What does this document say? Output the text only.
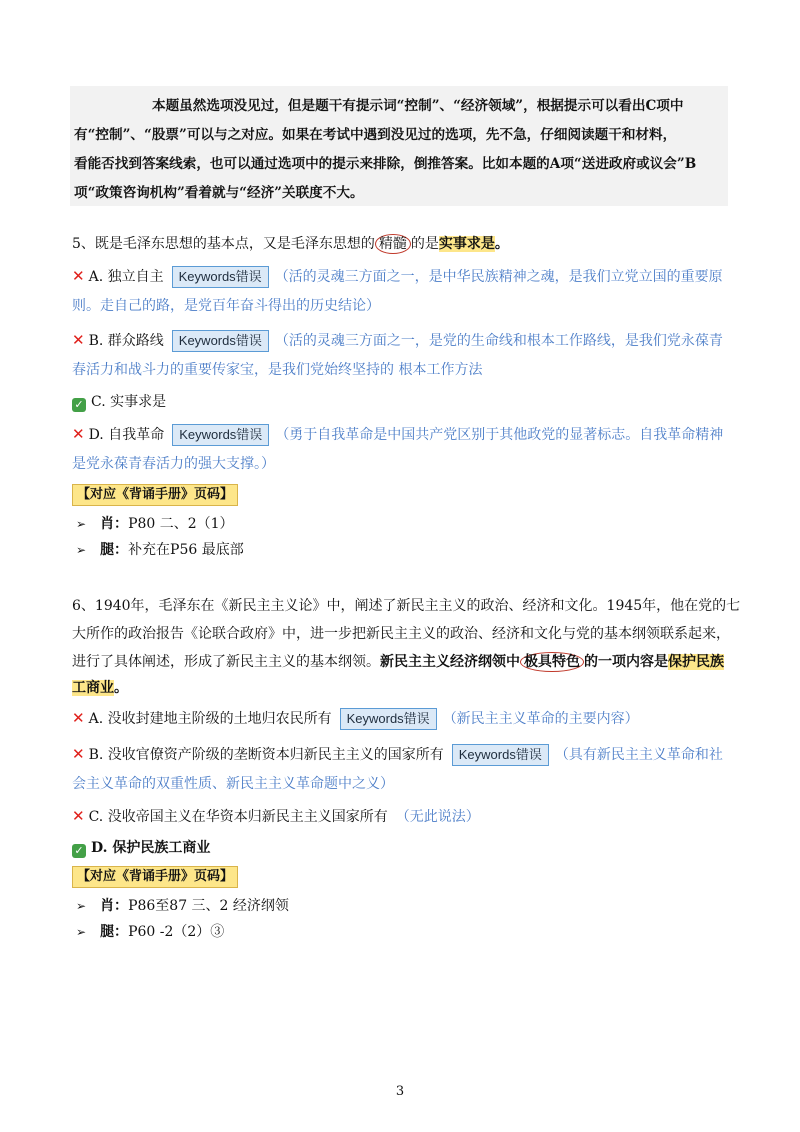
本题虽然选项没见过，但是题干有提示词“控制”、“经济领域”，根据提示可以看出C项中

有“控制”、“股票”可以与之对应。如果在考试中遇到没见过的选项，先不急，仔细阅读题干和材料，
看能否找到答案线索，也可以通过选项中的提示来排除，倒推答案。比如本题的A项“送进政府或议会”B
项“政策咨询机构”看着就与“经济”关联度不大。
5、既是毛泽东思想的基本点，又是毛泽东思想的 精髓 的是实事求是。
✕ A. 独立自主 Keywords错误 （活的灵魂三方面之一，是中华民族精神之魂，是我们立党立国的重要原
则。走自己的路，是党百年奋斗得出的历史结论）
✕ B. 群众路线 Keywords错误 （活的灵魂三方面之一，是党的生命线和根本工作路线，是我们党永葆青
春活力和战斗力的重要传家宝，是我们党始终坚持的 根本工作方法
✓ C. 实事求是
✕ D. 自我革命 Keywords错误 （勇于自我革命是中国共产党区别于其他政党的显著标志。自我革命精神
是党永葆青春活力的强大支撑。）
【对应《背诵手册》页码】
➢ 肖：P80 二、2（1）
➢ 腿：补充在P56 最底部
6、1940年，毛泽东在《新民主主义论》中，阐述了新民主主义的政治、经济和文化。1945年，他在党的七
大所作的政治报告《论联合政府》中，进一步把新民主主义的政治、经济和文化与党的基本纲领联系起来，
进行了具体阐述，形成了新民主主义的基本纲领。新民主主义经济纲领中 极具特色 的一项内容是保护民族
工商业。
✕ A. 没收封建地主阶级的土地归农民所有 Keywords错误 （新民主主义革命的主要内容）
✕ B. 没收官僚资产阶级的垄断资本归新民主主义的国家所有 Keywords错误 （具有新民主主义革命和社
会主义革命的双重性质、新民主主义革命题中之义）
✕ C. 没收帝国主义在华资本归新民主主义国家所有 （无此说法）
✓ D. 保护民族工商业
【对应《背诵手册》页码】
➢ 肖：P86至87 三、2 经济纲领
➢ 腿：P60 -2（2）③
3
